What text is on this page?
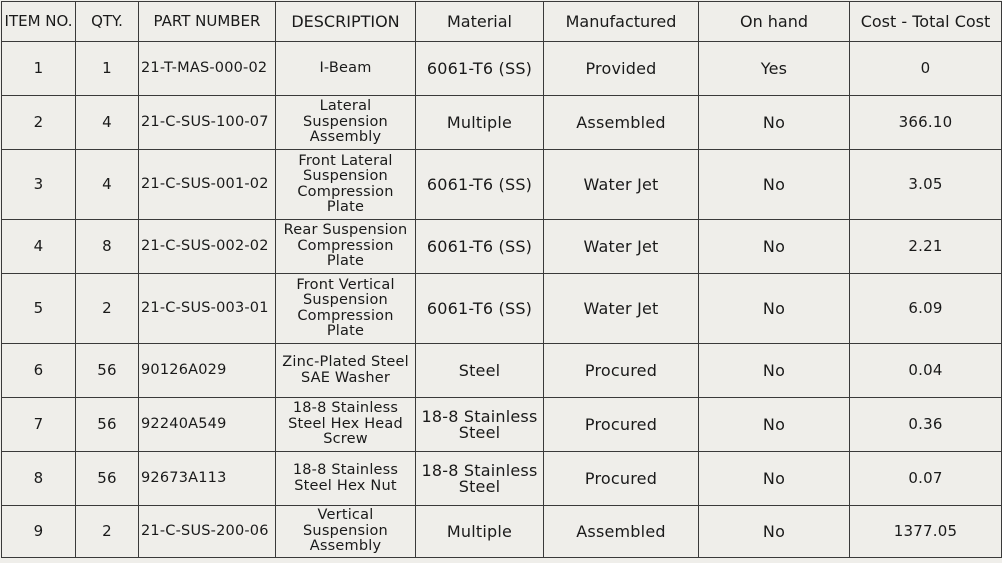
ITEM NO.	QTY.	PART NUMBER	DESCRIPTION	Material	Manufactured	On hand	Cost - Total Cost
1	1	21-T-MAS-000-02	I-Beam	6061-T6 (SS)	Provided	Yes	0
2	4	21-C-SUS-100-07	Lateral Suspension Assembly	Multiple	Assembled	No	366.10
3	4	21-C-SUS-001-02	Front Lateral Suspension Compression Plate	6061-T6 (SS)	Water Jet	No	3.05
4	8	21-C-SUS-002-02	Rear Suspension Compression Plate	6061-T6 (SS)	Water Jet	No	2.21
5	2	21-C-SUS-003-01	Front Vertical Suspension Compression Plate	6061-T6 (SS)	Water Jet	No	6.09
6	56	90126A029	Zinc-Plated Steel SAE Washer	Steel	Procured	No	0.04
7	56	92240A549	18-8 Stainless Steel Hex Head Screw	18-8 Stainless Steel	Procured	No	0.36
8	56	92673A113	18-8 Stainless Steel Hex Nut	18-8 Stainless Steel	Procured	No	0.07
9	2	21-C-SUS-200-06	Vertical Suspension Assembly	Multiple	Assembled	No	1377.05
